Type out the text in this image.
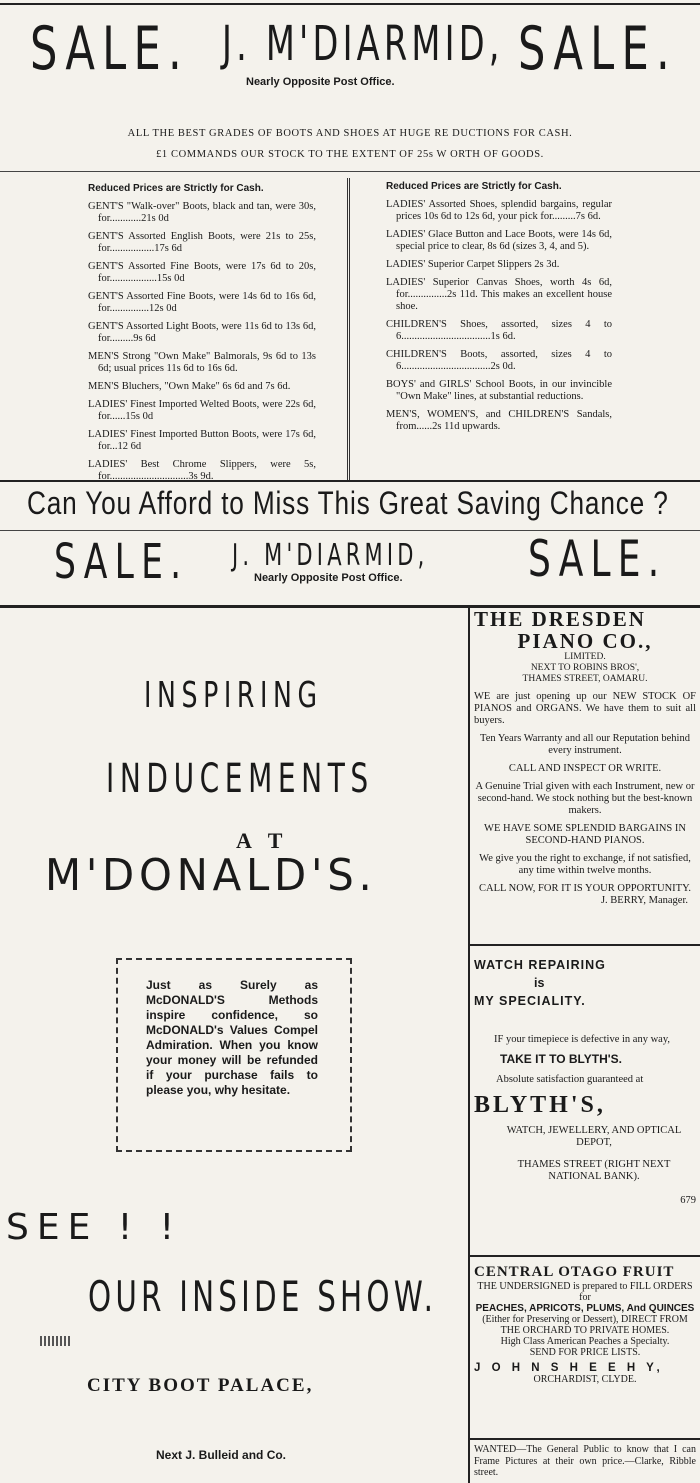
SALE. J. M'DIARMID, SALE.
Nearly Opposite Post Office.
ALL THE BEST GRADES OF BOOTS AND SHOES AT HUGE RE DUCTIONS FOR CASH.
£1 COMMANDS OUR STOCK TO THE EXTENT OF 25s W ORTH OF GOODS.
Reduced Prices are Strictly for Cash.
GENT'S "Walk-over" Boots, black and tan, were 30s, for............21s 0d
GENT'S Assorted English Boots, were 21s to 25s, for.................17s 6d
GENT'S Assorted Fine Boots, were 17s 6d to 20s, for..................15s 0d
GENT'S Assorted Fine Boots, were 14s 6d to 16s 6d, for...............12s 0d
GENT'S Assorted Light Boots, were 11s 6d to 13s 6d, for.........9s 6d
MEN'S Strong "Own Make" Balmorals, 9s 6d to 13s 6d; usual prices 11s 6d to 16s 6d.
MEN'S Bluchers, "Own Make" 6s 6d and 7s 6d.
LADIES' Finest Imported Welted Boots, were 22s 6d, for......15s 0d
LADIES' Finest Imported Button Boots, were 17s 6d, for...12 6d
LADIES' Best Chrome Slippers, were 5s, for..............................3s 9d.
Reduced Prices are Strictly for Cash.
LADIES' Assorted Shoes, splendid bargains, regular prices 10s 6d to 12s 6d, your pick for.........7s 6d.
LADIES' Glace Button and Lace Boots, were 14s 6d, special price to clear, 8s 6d (sizes 3, 4, and 5).
LADIES' Superior Carpet Slippers 2s 3d.
LADIES' Superior Canvas Shoes, worth 4s 6d, for...............2s 11d. This makes an excellent house shoe.
CHILDREN'S Shoes, assorted, sizes 4 to 6..................................1s 6d.
CHILDREN'S Boots, assorted, sizes 4 to 6..................................2s 0d.
BOYS' and GIRLS' School Boots, in our invincible "Own Make" lines, at substantial reductions.
MEN'S, WOMEN'S, and CHILDREN'S Sandals, from......2s 11d upwards.
Can You Afford to Miss This Great Saving Chance ?
SALE. J. M'DIARMID, SALE.
Nearly Opposite Post Office.
INSPIRING
INDUCEMENTS
A T
M'DONALD'S.
Just as Surely as McDONALD'S Methods inspire confidence, so McDONALD's Values Compel Admiration. When you know your money will be refunded if your purchase fails to please you, why hesitate.
SEE ! !
OUR INSIDE SHOW.
CITY BOOT PALACE,
Next J. Bulleid and Co.
THE DRESDEN
PIANO CO.,
LIMITED.
NEXT TO ROBINS BROS',
THAMES STREET, OAMARU.
WE are just opening up our NEW STOCK OF PIANOS and ORGANS. We have them to suit all buyers.
Ten Years Warranty and all our Reputation behind every instrument.
CALL AND INSPECT OR WRITE.
A Genuine Trial given with each Instrument, new or second-hand. We stock nothing but the best-known makers.
WE HAVE SOME SPLENDID BARGAINS IN SECOND-HAND PIANOS.
We give you the right to exchange, if not satisfied, any time within twelve months.
CALL NOW, FOR IT IS YOUR OPPORTUNITY.
J. BERRY, Manager.
WATCH REPAIRING
is
MY SPECIALITY.
IF your timepiece is defective in any way,
TAKE IT TO BLYTH'S.
Absolute satisfaction guaranteed at
BLYTH'S,
WATCH, JEWELLERY, AND OPTICAL DEPOT,
THAMES STREET (RIGHT NEXT NATIONAL BANK).
679
CENTRAL OTAGO FRUIT
THE UNDERSIGNED is prepared to FILL ORDERS for
PEACHES, APRICOTS, PLUMS, And QUINCES
(Either for Preserving or Dessert), DIRECT FROM THE ORCHARD TO PRIVATE HOMES.
High Class American Peaches a Specialty.
SEND FOR PRICE LISTS.
J O H N S H E E H Y,
ORCHARDIST, CLYDE.
WANTED—The General Public to know that I can Frame Pictures at their own price.—Clarke, Ribble street.
